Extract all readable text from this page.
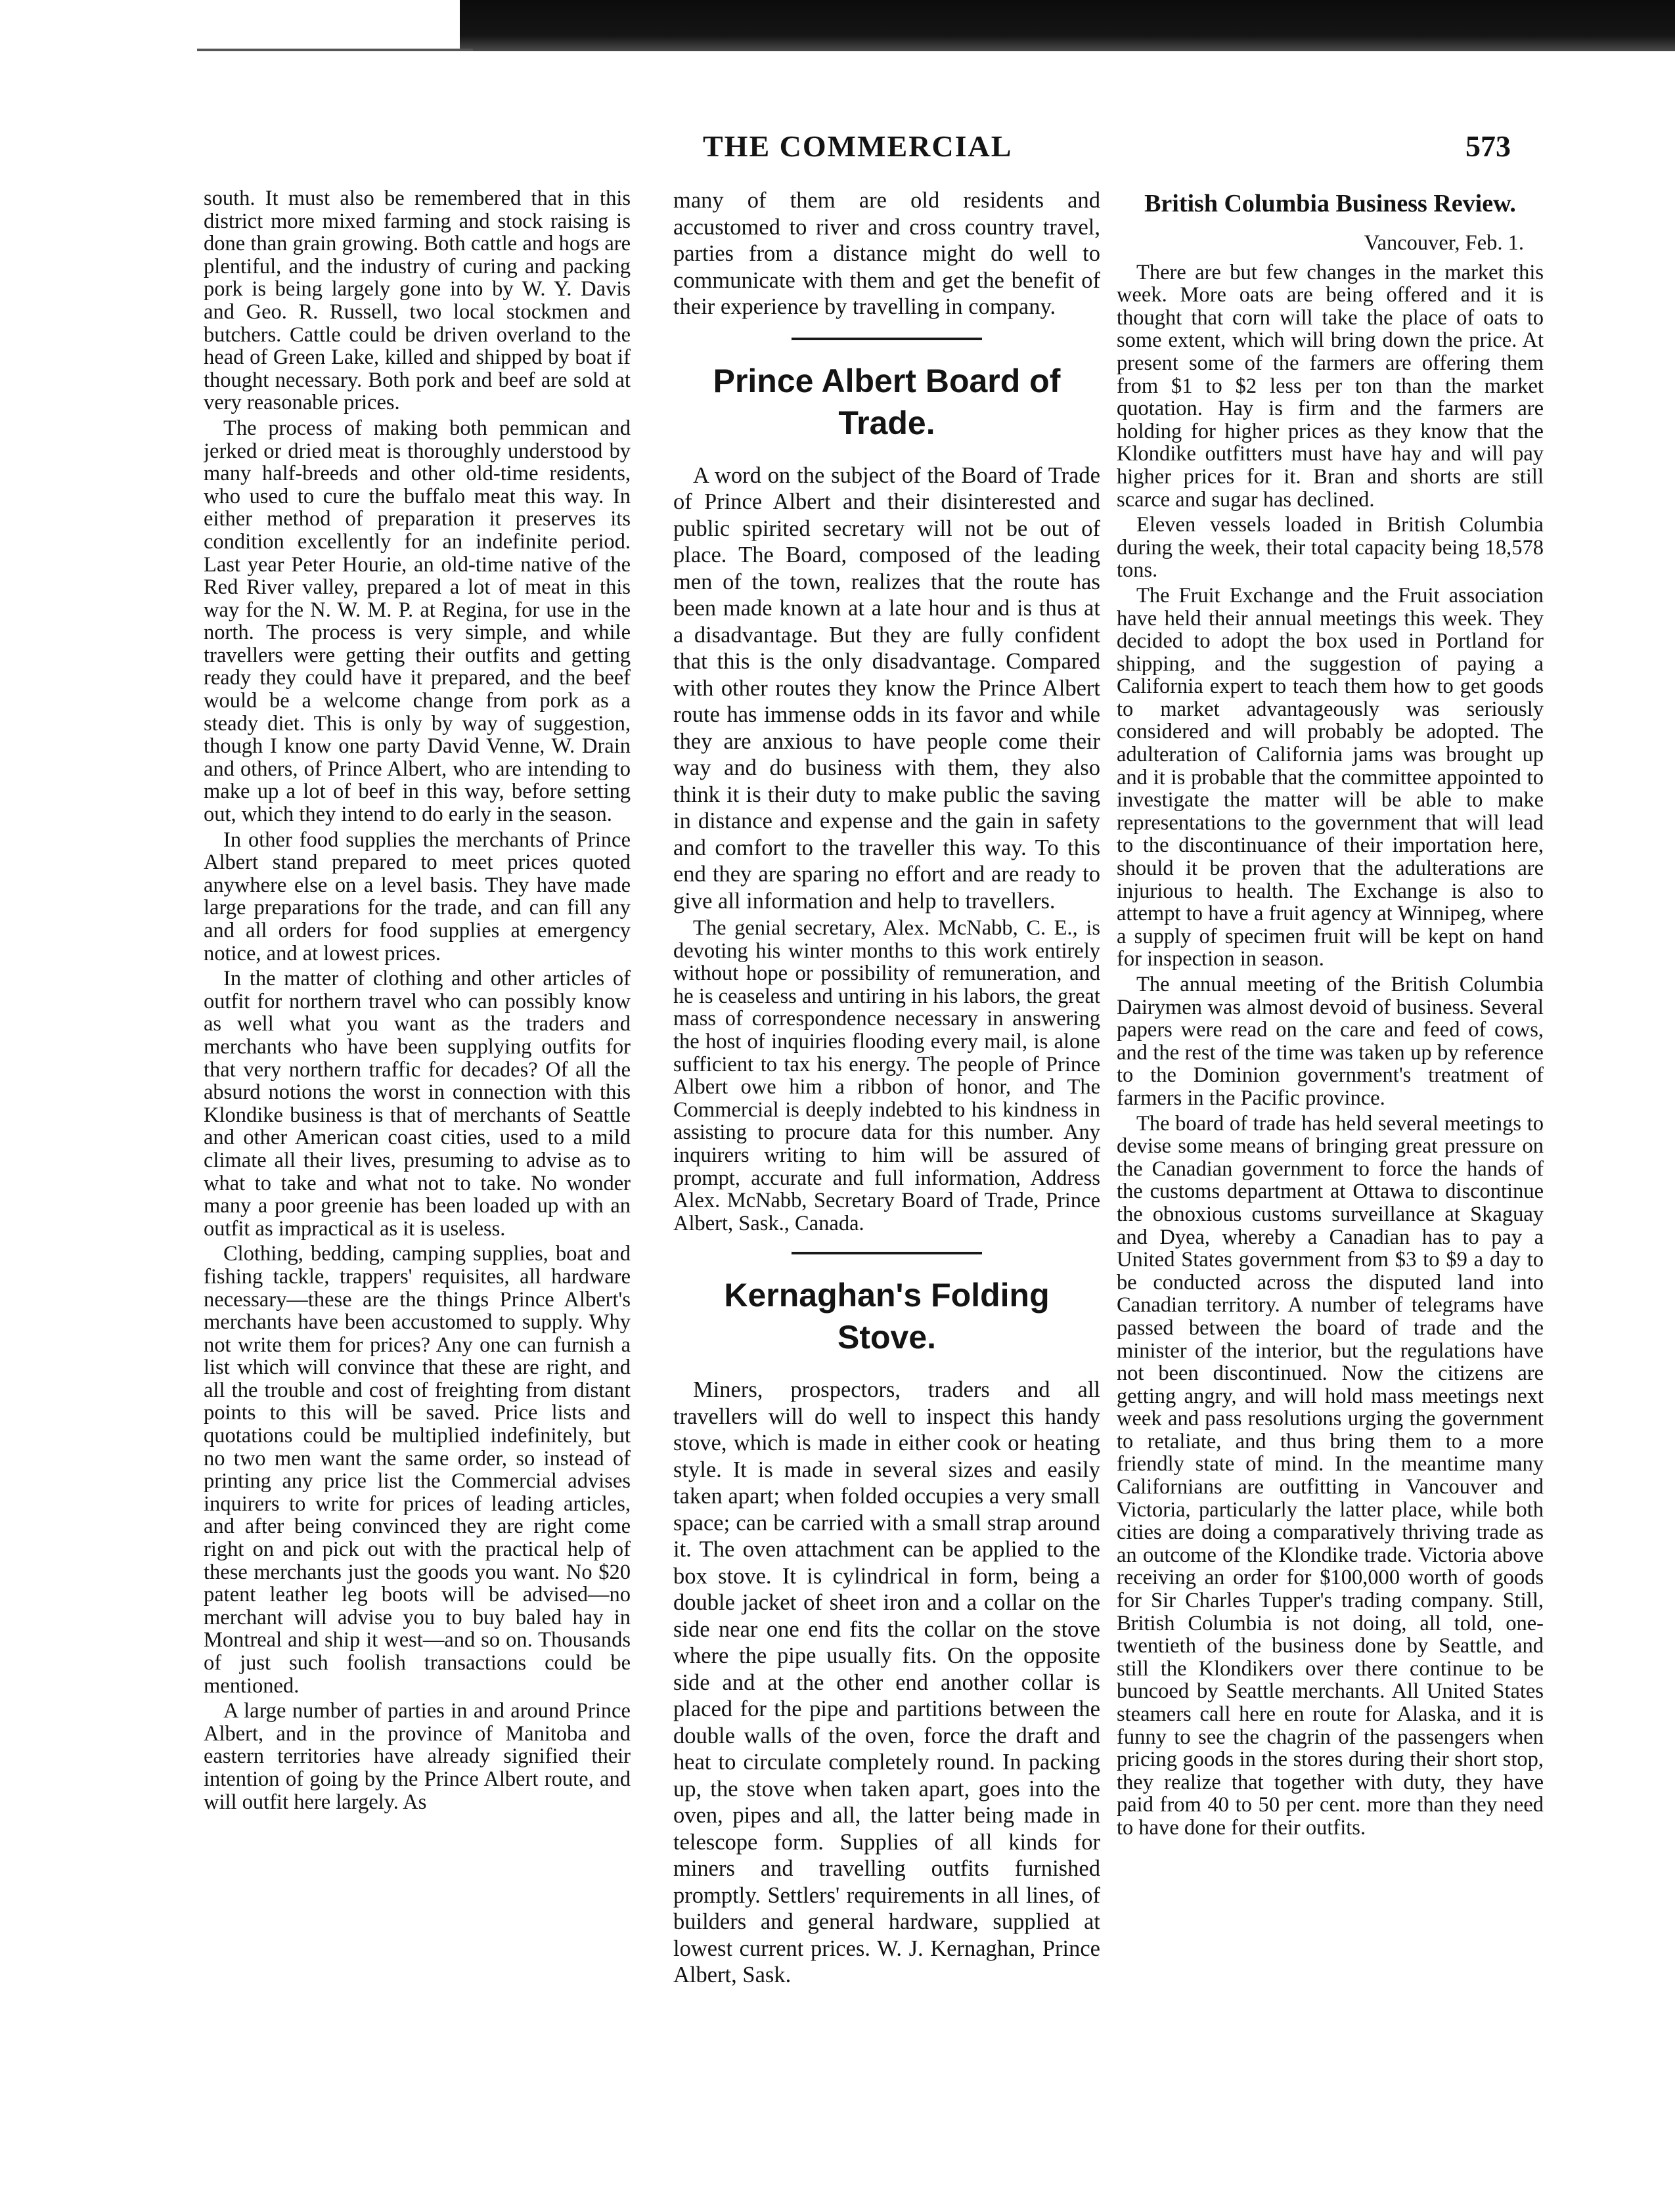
THE COMMERCIAL	573

south. It must also be remembered that in this district more mixed farming and stock raising is done than grain growing. Both cattle and hogs are plentiful, and the industry of curing and packing pork is being largely gone into by W. Y. Davis and Geo. R. Russell, two local stockmen and butchers. Cattle could be driven overland to the head of Green Lake, killed and shipped by boat if thought necessary. Both pork and beef are sold at very reasonable prices.

The process of making both pemmican and jerked or dried meat is thoroughly understood by many half-breeds and other old-time residents, who used to cure the buffalo meat this way. In either method of preparation it preserves its condition excellently for an indefinite period. Last year Peter Hourie, an old-time native of the Red River valley, prepared a lot of meat in this way for the N. W. M. P. at Regina, for use in the north. The process is very simple, and while travellers were getting their outfits and getting ready they could have it prepared, and the beef would be a welcome change from pork as a steady diet. This is only by way of suggestion, though I know one party David Venne, W. Drain and others, of Prince Albert, who are intending to make up a lot of beef in this way, before setting out, which they intend to do early in the season.

In other food supplies the merchants of Prince Albert stand prepared to meet prices quoted anywhere else on a level basis. They have made large preparations for the trade, and can fill any and all orders for food supplies at emergency notice, and at lowest prices.

In the matter of clothing and other articles of outfit for northern travel who can possibly know as well what you want as the traders and merchants who have been supplying outfits for that very northern traffic for decades? Of all the absurd notions the worst in connection with this Klondike business is that of merchants of Seattle and other American coast cities, used to a mild climate all their lives, presuming to advise as to what to take and what not to take. No wonder many a poor greenie has been loaded up with an outfit as impractical as it is useless.

Clothing, bedding, camping supplies, boat and fishing tackle, trappers' requisites, all hardware necessary—these are the things Prince Albert's merchants have been accustomed to supply. Why not write them for prices? Any one can furnish a list which will convince that these are right, and all the trouble and cost of freighting from distant points to this will be saved. Price lists and quotations could be multiplied indefinitely, but no two men want the same order, so instead of printing any price list the Commercial advises inquirers to write for prices of leading articles, and after being convinced they are right come right on and pick out with the practical help of these merchants just the goods you want. No $20 patent leather leg boots will be advised—no merchant will advise you to buy baled hay in Montreal and ship it west—and so on. Thousands of just such foolish transactions could be mentioned.

A large number of parties in and around Prince Albert, and in the province of Manitoba and eastern territories have already signified their intention of going by the Prince Albert route, and will outfit here largely. As

many of them are old residents and accustomed to river and cross country travel, parties from a distance might do well to communicate with them and get the benefit of their experience by travelling in company.

Prince Albert Board of Trade.

A word on the subject of the Board of Trade of Prince Albert and their disinterested and public spirited secretary will not be out of place. The Board, composed of the leading men of the town, realizes that the route has been made known at a late hour and is thus at a disadvantage. But they are fully confident that this is the only disadvantage. Compared with other routes they know the Prince Albert route has immense odds in its favor and while they are anxious to have people come their way and do business with them, they also think it is their duty to make public the saving in distance and expense and the gain in safety and comfort to the traveller this way. To this end they are sparing no effort and are ready to give all information and help to travellers.

The genial secretary, Alex. McNabb, C. E., is devoting his winter months to this work entirely without hope or possibility of remuneration, and he is ceaseless and untiring in his labors, the great mass of correspondence necessary in answering the host of inquiries flooding every mail, is alone sufficient to tax his energy. The people of Prince Albert owe him a ribbon of honor, and The Commercial is deeply indebted to his kindness in assisting to procure data for this number. Any inquirers writing to him will be assured of prompt, accurate and full information, Address Alex. McNabb, Secretary Board of Trade, Prince Albert, Sask., Canada.

Kernaghan's Folding Stove.

Miners, prospectors, traders and all travellers will do well to inspect this handy stove, which is made in either cook or heating style. It is made in several sizes and easily taken apart; when folded occupies a very small space; can be carried with a small strap around it. The oven attachment can be applied to the box stove. It is cylindrical in form, being a double jacket of sheet iron and a collar on the side near one end fits the collar on the stove where the pipe usually fits. On the opposite side and at the other end another collar is placed for the pipe and partitions between the double walls of the oven, force the draft and heat to circulate completely round. In packing up, the stove when taken apart, goes into the oven, pipes and all, the latter being made in telescope form. Supplies of all kinds for miners and travelling outfits furnished promptly. Settlers' requirements in all lines, of builders and general hardware, supplied at lowest current prices. W. J. Kernaghan, Prince Albert, Sask.

British Columbia Business Review.
Vancouver, Feb. 1.

There are but few changes in the market this week. More oats are being offered and it is thought that corn will take the place of oats to some extent, which will bring down the price. At present some of the farmers are offering them from $1 to $2 less per ton than the market quotation. Hay is firm and the farmers are holding for higher prices as they know that the Klondike outfitters must have hay and will pay higher prices for it. Bran and shorts are still scarce and sugar has declined.

Eleven vessels loaded in British Columbia during the week, their total capacity being 18,578 tons.

The Fruit Exchange and the Fruit association have held their annual meetings this week. They decided to adopt the box used in Portland for shipping, and the suggestion of paying a California expert to teach them how to get goods to market advantageously was seriously considered and will probably be adopted. The adulteration of California jams was brought up and it is probable that the committee appointed to investigate the matter will be able to make representations to the government that will lead to the discontinuance of their importation here, should it be proven that the adulterations are injurious to health. The Exchange is also to attempt to have a fruit agency at Winnipeg, where a supply of specimen fruit will be kept on hand for inspection in season.

The annual meeting of the British Columbia Dairymen was almost devoid of business. Several papers were read on the care and feed of cows, and the rest of the time was taken up by reference to the Dominion government's treatment of farmers in the Pacific province.

The board of trade has held several meetings to devise some means of bringing great pressure on the Canadian government to force the hands of the customs department at Ottawa to discontinue the obnoxious customs surveillance at Skaguay and Dyea, whereby a Canadian has to pay a United States government from $3 to $9 a day to be conducted across the disputed land into Canadian territory. A number of telegrams have passed between the board of trade and the minister of the interior, but the regulations have not been discontinued. Now the citizens are getting angry, and will hold mass meetings next week and pass resolutions urging the government to retaliate, and thus bring them to a more friendly state of mind. In the meantime many Californians are outfitting in Vancouver and Victoria, particularly the latter place, while both cities are doing a comparatively thriving trade as an outcome of the Klondike trade. Victoria above receiving an order for $100,000 worth of goods for Sir Charles Tupper's trading company. Still, British Columbia is not doing, all told, one-twentieth of the business done by Seattle, and still the Klondikers over there continue to be buncoed by Seattle merchants. All United States steamers call here en route for Alaska, and it is funny to see the chagrin of the passengers when pricing goods in the stores during their short stop, they realize that together with duty, they have paid from 40 to 50 per cent. more than they need to have done for their outfits.
